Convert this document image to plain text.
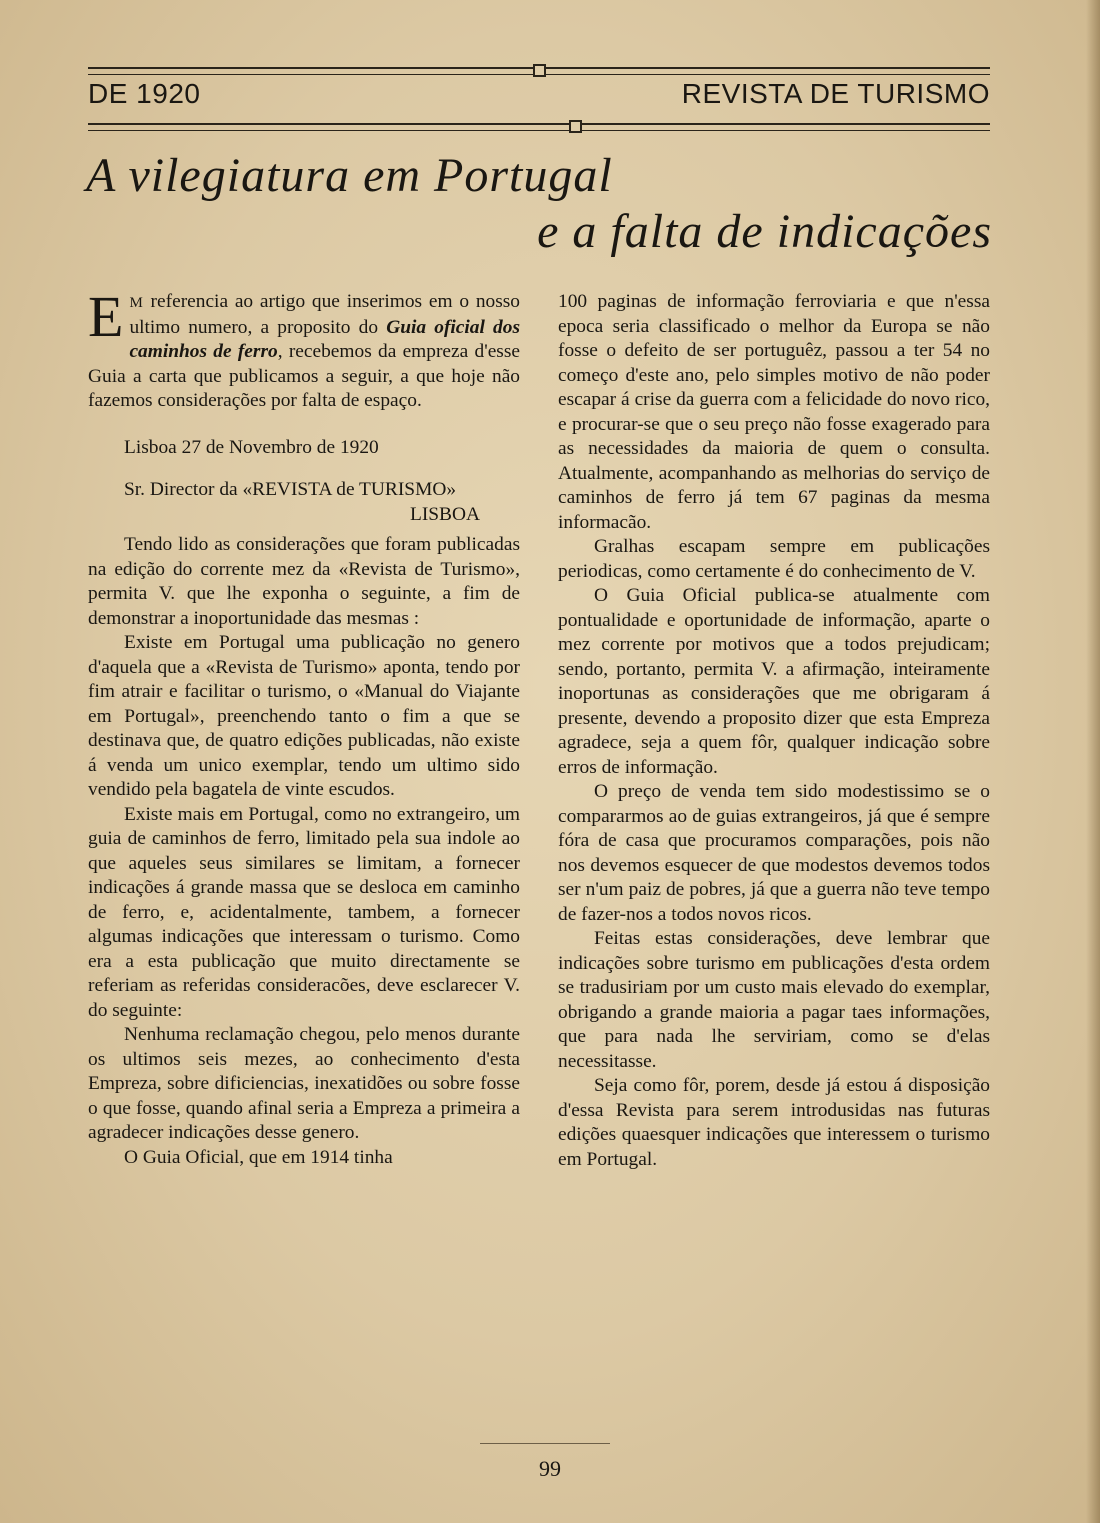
DE 1920	REVISTA DE TURISMO
A vilegiatura em Portugal
e a falta de indicações

E M referencia ao artigo que inserimos em o nosso ultimo numero, a proposito do Guia oficial dos caminhos de ferro, recebemos da empreza d'esse Guia a carta que publicamos a seguir, a que hoje não fazemos considerações por falta de espaço.

Lisboa 27 de Novembro de 1920

Sr. Director da «REVISTA de TURISMO»

LISBOA

Tendo lido as considerações que foram publicadas na edição do corrente mez da «Revista de Turismo», permita V. que lhe exponha o seguinte, a fim de demonstrar a inoportunidade das mesmas :

Existe em Portugal uma publicação no genero d'aquela que a «Revista de Turismo» aponta, tendo por fim atrair e facilitar o turismo, o «Manual do Viajante em Portugal», preenchendo tanto o fim a que se destinava que, de quatro edições publicadas, não existe á venda um unico exemplar, tendo um ultimo sido vendido pela bagatela de vinte escudos.

Existe mais em Portugal, como no extrangeiro, um guia de caminhos de ferro, limitado pela sua indole ao que aqueles seus similares se limitam, a fornecer indicações á grande massa que se desloca em caminho de ferro, e, acidentalmente, tambem, a fornecer algumas indicações que interessam o turismo. Como era a esta publicação que muito directamente se referiam as referidas consideracões, deve esclarecer V. do seguinte:

Nenhuma reclamação chegou, pelo menos durante os ultimos seis mezes, ao conhecimento d'esta Empreza, sobre dificiencias, inexatidões ou sobre fosse o que fosse, quando afinal seria a Empreza a primeira a agradecer indicações desse genero.

O Guia Oficial, que em 1914 tinha

100 paginas de informação ferroviaria e que n'essa epoca seria classificado o melhor da Europa se não fosse o defeito de ser portuguêz, passou a ter 54 no começo d'este ano, pelo simples motivo de não poder escapar á crise da guerra com a felicidade do novo rico, e procurar-se que o seu preço não fosse exagerado para as necessidades da maioria de quem o consulta. Atualmente, acompanhando as melhorias do serviço de caminhos de ferro já tem 67 paginas da mesma informacão.

Gralhas escapam sempre em publicações periodicas, como certamente é do conhecimento de V.

O Guia Oficial publica-se atualmente com pontualidade e oportunidade de informação, aparte o mez corrente por motivos que a todos prejudicam; sendo, portanto, permita V. a afirmação, inteiramente inoportunas as considerações que me obrigaram á presente, devendo a proposito dizer que esta Empreza agradece, seja a quem fôr, qualquer indicação sobre erros de informação.

O preço de venda tem sido modestissimo se o compararmos ao de guias extrangeiros, já que é sempre fóra de casa que procuramos comparações, pois não nos devemos esquecer de que modestos devemos todos ser n'um paiz de pobres, já que a guerra não teve tempo de fazer-nos a todos novos ricos.

Feitas estas considerações, deve lembrar que indicações sobre turismo em publicações d'esta ordem se tradusiriam por um custo mais elevado do exemplar, obrigando a grande maioria a pagar taes informações, que para nada lhe serviriam, como se d'elas necessitasse.

Seja como fôr, porem, desde já estou á disposição d'essa Revista para serem introdusidas nas futuras edições quaesquer indicações que interessem o turismo em Portugal.

99
